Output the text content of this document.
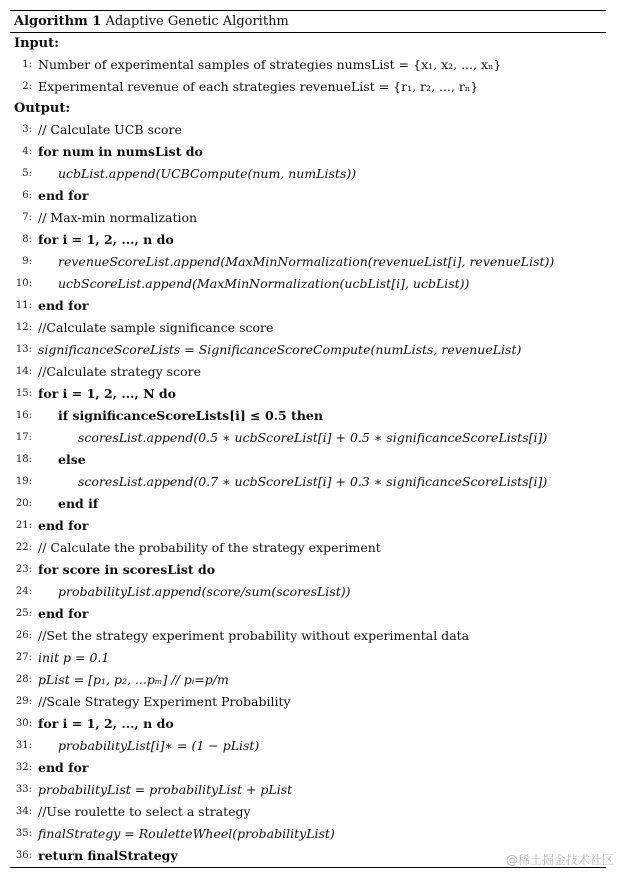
Algorithm 1 Adaptive Genetic Algorithm
Input:
1: Number of experimental samples of strategies numsList = {x₁, x₂, ..., xₙ}
2: Experimental revenue of each strategies revenueList = {r₁, r₂, ..., rₙ}
Output:
3: // Calculate UCB score
4: for num in numsList do
5: ucbList.append(UCBCompute(num, numLists))
6: end for
7: // Max-min normalization
8: for i = 1, 2, ..., n do
9: revenueScoreList.append(MaxMinNormalization(revenueList[i], revenueList))
10: ucbScoreList.append(MaxMinNormalization(ucbList[i], ucbList))
11: end for
12: //Calculate sample significance score
13: significanceScoreLists = SignificanceScoreCompute(numLists, revenueList)
14: //Calculate strategy score
15: for i = 1, 2, ..., N do
16: if significanceScoreLists[i] ≤ 0.5 then
17:	scoresList.append(0.5 ∗ ucbScoreList[i] + 0.5 ∗ significanceScoreLists[i])
18: else
19:	scoresList.append(0.7 ∗ ucbScoreList[i] + 0.3 ∗ significanceScoreLists[i])
20: end if
21: end for
22: // Calculate the probability of the strategy experiment
23: for score in scoresList do
24: probabilityList.append(score/sum(scoresList))
25: end for
26: //Set the strategy experiment probability without experimental data
27: init p = 0.1
28: pList = [p₁, p₂, ...pₘ] // pᵢ=p/m
29: //Scale Strategy Experiment Probability
30: for i = 1, 2, ..., n do
31: probabilityList[i]∗ = (1 − pList)
32: end for
33: probabilityList = probabilityList + pList
34: //Use roulette to select a strategy
35: finalStrategy = RouletteWheel(probabilityList)
36: return finalStrategy	@稀土掘金技术社区
